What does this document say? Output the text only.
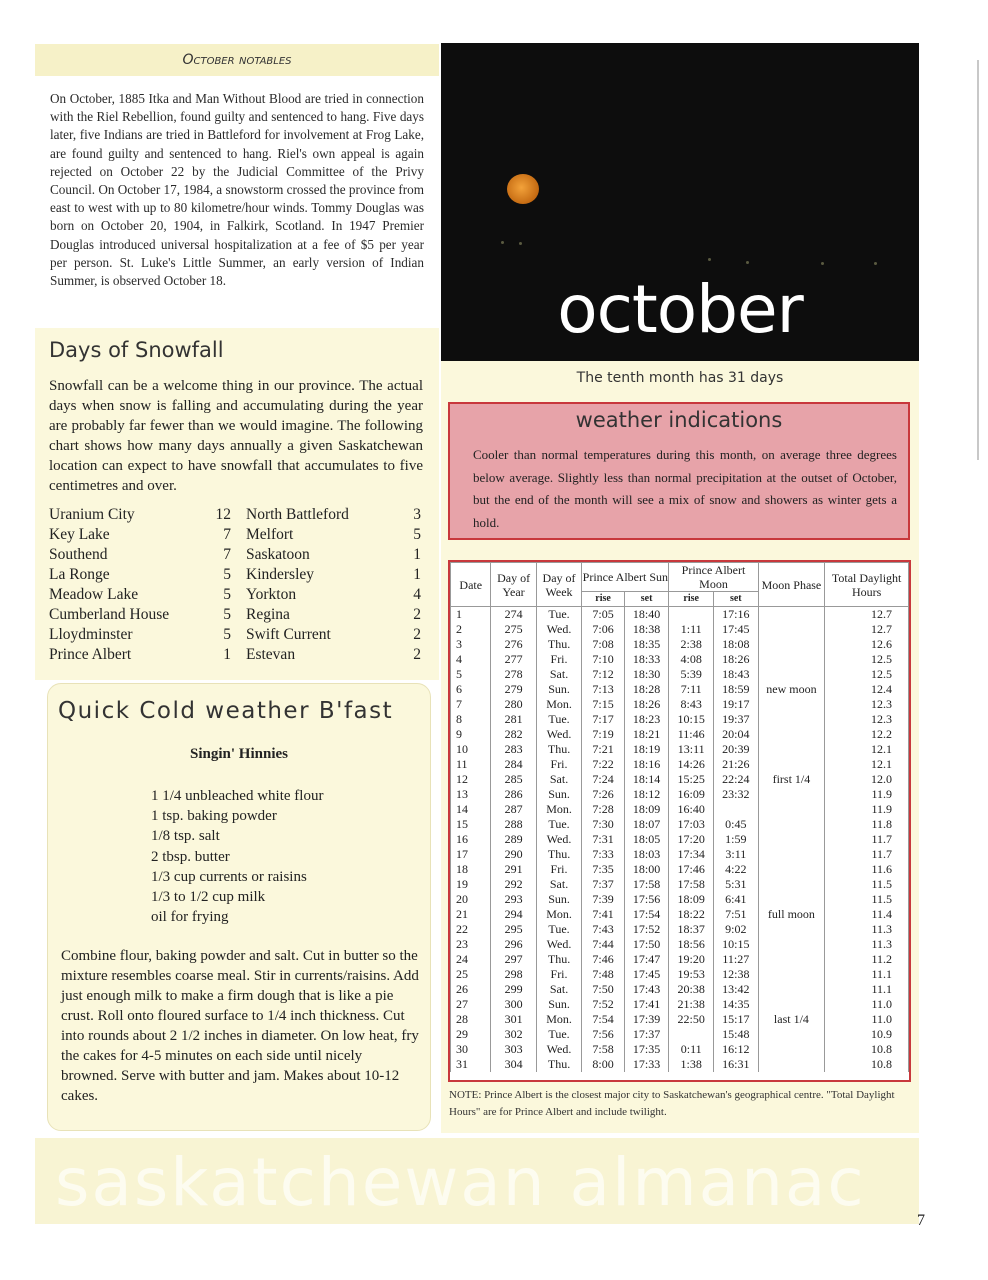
October notables

On October, 1885 Itka and Man Without Blood are tried in connection with the Riel Rebellion, found guilty and sentenced to hang. Five days later, five Indians are tried in Battleford for involvement at Frog Lake, are found guilty and sentenced to hang. Riel's own appeal is again rejected on October 22 by the Judicial Committee of the Privy Council. On October 17, 1984, a snowstorm crossed the province from east to west with up to 80 kilometre/hour winds. Tommy Douglas was born on October 20, 1904, in Falkirk, Scotland. In 1947 Premier Douglas introduced universal hospitalization at a fee of $5 per year per person. St. Luke's Little Summer, an early version of Indian Summer, is observed October 18.

Days of Snowfall

Snowfall can be a welcome thing in our province. The actual days when snow is falling and accumulating during the year are probably far fewer than we would imagine. The following chart shows how many days annually a given Saskatchewan location can expect to have snowfall that accumulates to five centimetres and over.

Uranium City	12 North Battleford	3
Key Lake	7 Melfort	5
Southend	7 Saskatoon	1
La Ronge	5 Kindersley	1
Meadow Lake	5 Yorkton	4
Cumberland House	5 Regina	2
Lloydminster	5 Swift Current	2
Prince Albert	1 Estevan	2
Quick Cold weather B'fast
Singin' Hinnies
1 1/4 unbleached white flour
1 tsp. baking powder
1/8 tsp. salt
2 tbsp. butter
1/3 cup currents or raisins
1/3 to 1/2 cup milk
oil for frying

Combine flour, baking powder and salt. Cut in butter so the mixture resembles coarse meal. Stir in currents/raisins. Add just enough milk to make a firm dough that is like a pie crust. Roll onto floured surface to 1/4 inch thickness. Cut into rounds about 2 1/2 inches in diameter. On low heat, fry the cakes for 4-5 minutes on each side until nicely browned. Serve with butter and jam. Makes about 10-12 cakes.

october
The tenth month has 31 days
weather indications

Cooler than normal temperatures during this month, on average three degrees below average. Slightly less than normal precipitation at the outset of October, but the end of the month will see a mix of snow and showers as winter gets a hold.

Date	Day of Year	Day of Week	Prince Albert Sun		Prince Albert Moon		Moon Phase	Total Daylight Hours
			rise	set	rise	set		
1	274	Tue.	7:05	18:40		17:16		12.7
2	275	Wed.	7:06	18:38	1:11	17:45		12.7
3	276	Thu.	7:08	18:35	2:38	18:08		12.6
4	277	Fri.	7:10	18:33	4:08	18:26		12.5
5	278	Sat.	7:12	18:30	5:39	18:43		12.5
6	279	Sun.	7:13	18:28	7:11	18:59	new moon	12.4
7	280	Mon.	7:15	18:26	8:43	19:17		12.3
8	281	Tue.	7:17	18:23	10:15	19:37		12.3
9	282	Wed.	7:19	18:21	11:46	20:04		12.2
10	283	Thu.	7:21	18:19	13:11	20:39		12.1
11	284	Fri.	7:22	18:16	14:26	21:26		12.1
12	285	Sat.	7:24	18:14	15:25	22:24	first 1/4	12.0
13	286	Sun.	7:26	18:12	16:09	23:32		11.9
14	287	Mon.	7:28	18:09	16:40			11.9
15	288	Tue.	7:30	18:07	17:03	0:45		11.8
16	289	Wed.	7:31	18:05	17:20	1:59		11.7
17	290	Thu.	7:33	18:03	17:34	3:11		11.7
18	291	Fri.	7:35	18:00	17:46	4:22		11.6
19	292	Sat.	7:37	17:58	17:58	5:31		11.5
20	293	Sun.	7:39	17:56	18:09	6:41		11.5
21	294	Mon.	7:41	17:54	18:22	7:51	full moon	11.4
22	295	Tue.	7:43	17:52	18:37	9:02		11.3
23	296	Wed.	7:44	17:50	18:56	10:15		11.3
24	297	Thu.	7:46	17:47	19:20	11:27		11.2
25	298	Fri.	7:48	17:45	19:53	12:38		11.1
26	299	Sat.	7:50	17:43	20:38	13:42		11.1
27	300	Sun.	7:52	17:41	21:38	14:35		11.0
28	301	Mon.	7:54	17:39	22:50	15:17	last 1/4	11.0
29	302	Tue.	7:56	17:37		15:48		10.9
30	303	Wed.	7:58	17:35	0:11	16:12		10.8
31	304	Thu.	8:00	17:33	1:38	16:31		10.8

NOTE: Prince Albert is the closest major city to Saskatchewan's geographical centre. "Total Daylight Hours" are for Prince Albert and include twilight.

saskatchewan almanac	7
